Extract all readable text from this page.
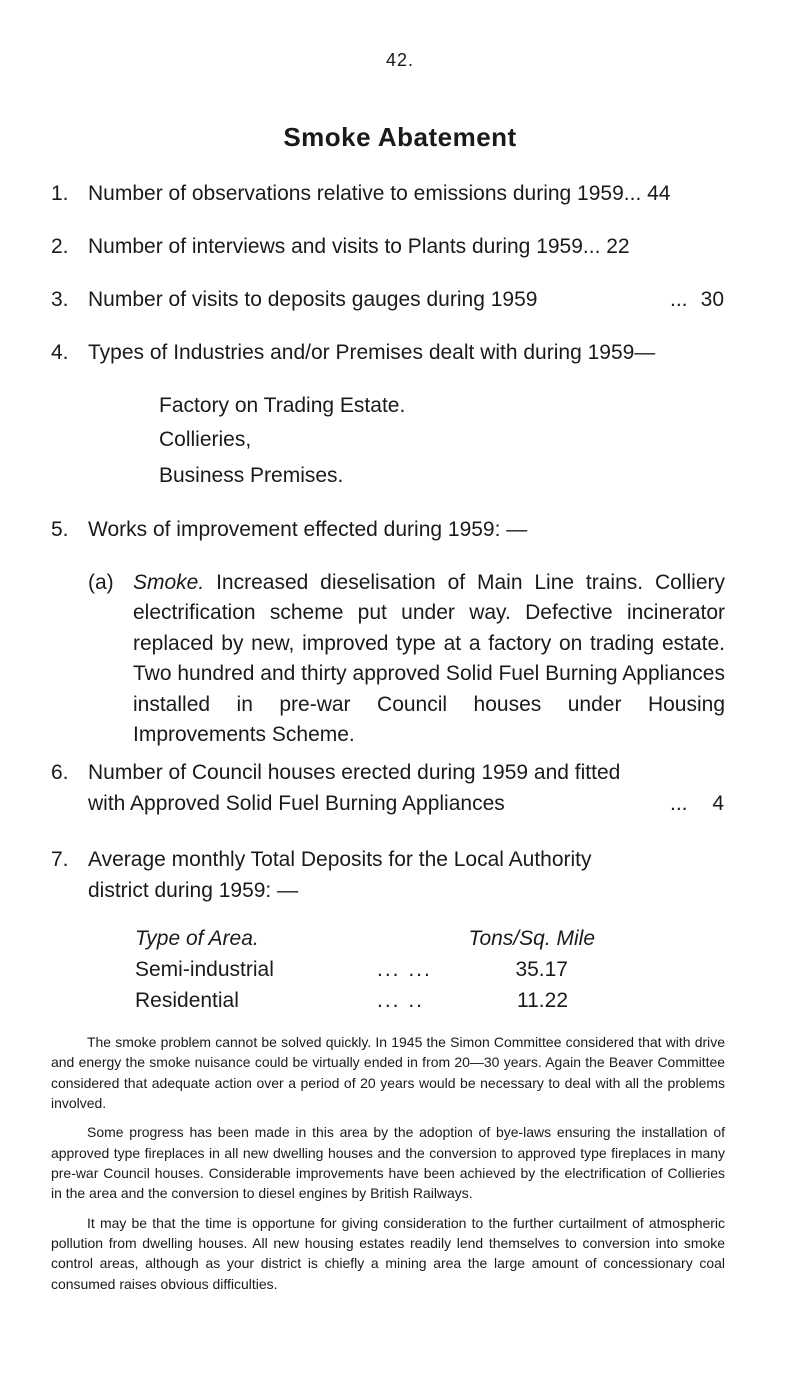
42.
Smoke Abatement
1. Number of observations relative to emissions during 1959... 44
2. Number of interviews and visits to Plants during 1959... 22
3. Number of visits to deposits gauges during 1959	... 30
4. Types of Industries and/or Premises dealt with during 1959—
Factory on Trading Estate.
Collieries,
Business Premises.
5. Works of improvement effected during 1959: —
(a) Smoke. Increased dieselisation of Main Line trains. Colliery electrification scheme put under way. Defective incinerator replaced by new, improved type at a factory on trading estate. Two hundred and thirty approved Solid Fuel Burning Appliances installed in pre-war Council houses under Housing Improvements Scheme.
6. Number of Council houses erected during 1959 and fitted
with Approved Solid Fuel Burning Appliances	... 4
7. Average monthly Total Deposits for the Local Authority
district during 1959: —
Type of Area.	Tons/Sq. Mile
Semi-industrial	... ...	35.17
Residential	... ..	11.22
The smoke problem cannot be solved quickly. In 1945 the Simon Committee considered that with drive and energy the smoke nuisance could be virtually ended in from 20—30 years. Again the Beaver Committee considered that adequate action over a period of 20 years would be necessary to deal with all the problems involved.
Some progress has been made in this area by the adoption of bye-laws ensuring the installation of approved type fireplaces in all new dwelling houses and the conversion to approved type fireplaces in many pre-war Council houses. Considerable improvements have been achieved by the electrification of Collieries in the area and the conversion to diesel engines by British Railways.
It may be that the time is opportune for giving consideration to the further curtailment of atmospheric pollution from dwelling houses. All new housing estates readily lend themselves to conversion into smoke control areas, although as your district is chiefly a mining area the large amount of concessionary coal consumed raises obvious difficulties.
